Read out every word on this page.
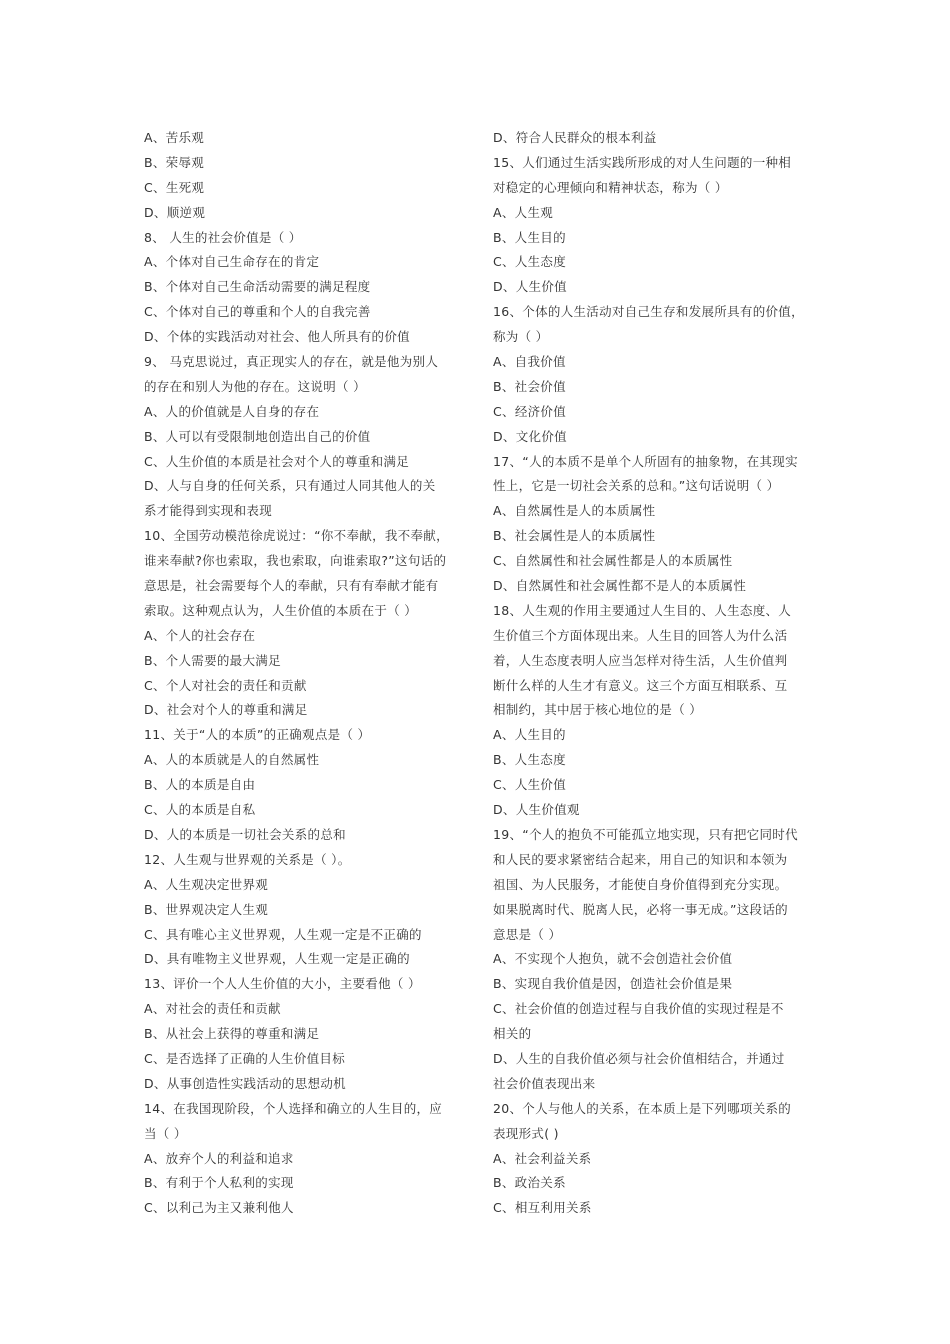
A、苦乐观
B、荣辱观
C、生死观
D、顺逆观
8、 人生的社会价值是（ ）
A、个体对自己生命存在的肯定
B、个体对自己生命活动需要的满足程度
C、个体对自己的尊重和个人的自我完善
D、个体的实践活动对社会、他人所具有的价值
9、 马克思说过，真正现实人的存在，就是他为别人
的存在和别人为他的存在。这说明（ ）
A、人的价值就是人自身的存在
B、人可以有受限制地创造出自己的价值
C、人生价值的本质是社会对个人的尊重和满足
D、人与自身的任何关系，只有通过人同其他人的关
系才能得到实现和表现
10、全国劳动模范徐虎说过：“你不奉献，我不奉献，
谁来奉献?你也索取，我也索取，向谁索取?”这句话的
意思是，社会需要每个人的奉献，只有有奉献才能有
索取。这种观点认为，人生价值的本质在于（ ）
A、个人的社会存在
B、个人需要的最大满足
C、个人对社会的责任和贡献
D、社会对个人的尊重和满足
11、关于“人的本质”的正确观点是（ ）
A、人的本质就是人的自然属性
B、人的本质是自由
C、人的本质是自私
D、人的本质是一切社会关系的总和
12、人生观与世界观的关系是（ ）。
A、人生观决定世界观
B、世界观决定人生观
C、具有唯心主义世界观，人生观一定是不正确的
D、具有唯物主义世界观，人生观一定是正确的
13、评价一个人人生价值的大小，主要看他（ ）
A、对社会的责任和贡献
B、从社会上获得的尊重和满足
C、是否选择了正确的人生价值目标
D、从事创造性实践活动的思想动机
14、在我国现阶段，个人选择和确立的人生目的，应
当（ ）
A、放弃个人的利益和追求
B、有利于个人私利的实现
C、以利己为主又兼利他人
D、符合人民群众的根本利益
15、人们通过生活实践所形成的对人生问题的一种相
对稳定的心理倾向和精神状态，称为（ ）
A、人生观
B、人生目的
C、人生态度
D、人生价值
16、个体的人生活动对自己生存和发展所具有的价值，
称为（ ）
A、自我价值
B、社会价值
C、经济价值
D、文化价值
17、“人的本质不是单个人所固有的抽象物，在其现实
性上，它是一切社会关系的总和。”这句话说明（ ）
A、自然属性是人的本质属性
B、社会属性是人的本质属性
C、自然属性和社会属性都是人的本质属性
D、自然属性和社会属性都不是人的本质属性
18、人生观的作用主要通过人生目的、人生态度、人
生价值三个方面体现出来。人生目的回答人为什么活
着，人生态度表明人应当怎样对待生活，人生价值判
断什么样的人生才有意义。这三个方面互相联系、互
相制约，其中居于核心地位的是（ ）
A、人生目的
B、人生态度
C、人生价值
D、人生价值观
19、“个人的抱负不可能孤立地实现，只有把它同时代
和人民的要求紧密结合起来，用自己的知识和本领为
祖国、为人民服务，才能使自身价值得到充分实现。
如果脱离时代、脱离人民，必将一事无成。”这段话的
意思是（ ）
A、不实现个人抱负，就不会创造社会价值
B、实现自我价值是因，创造社会价值是果
C、社会价值的创造过程与自我价值的实现过程是不
相关的
D、人生的自我价值必须与社会价值相结合，并通过
社会价值表现出来
20、个人与他人的关系，在本质上是下列哪项关系的
表现形式( )
A、社会利益关系
B、政治关系
C、相互利用关系
